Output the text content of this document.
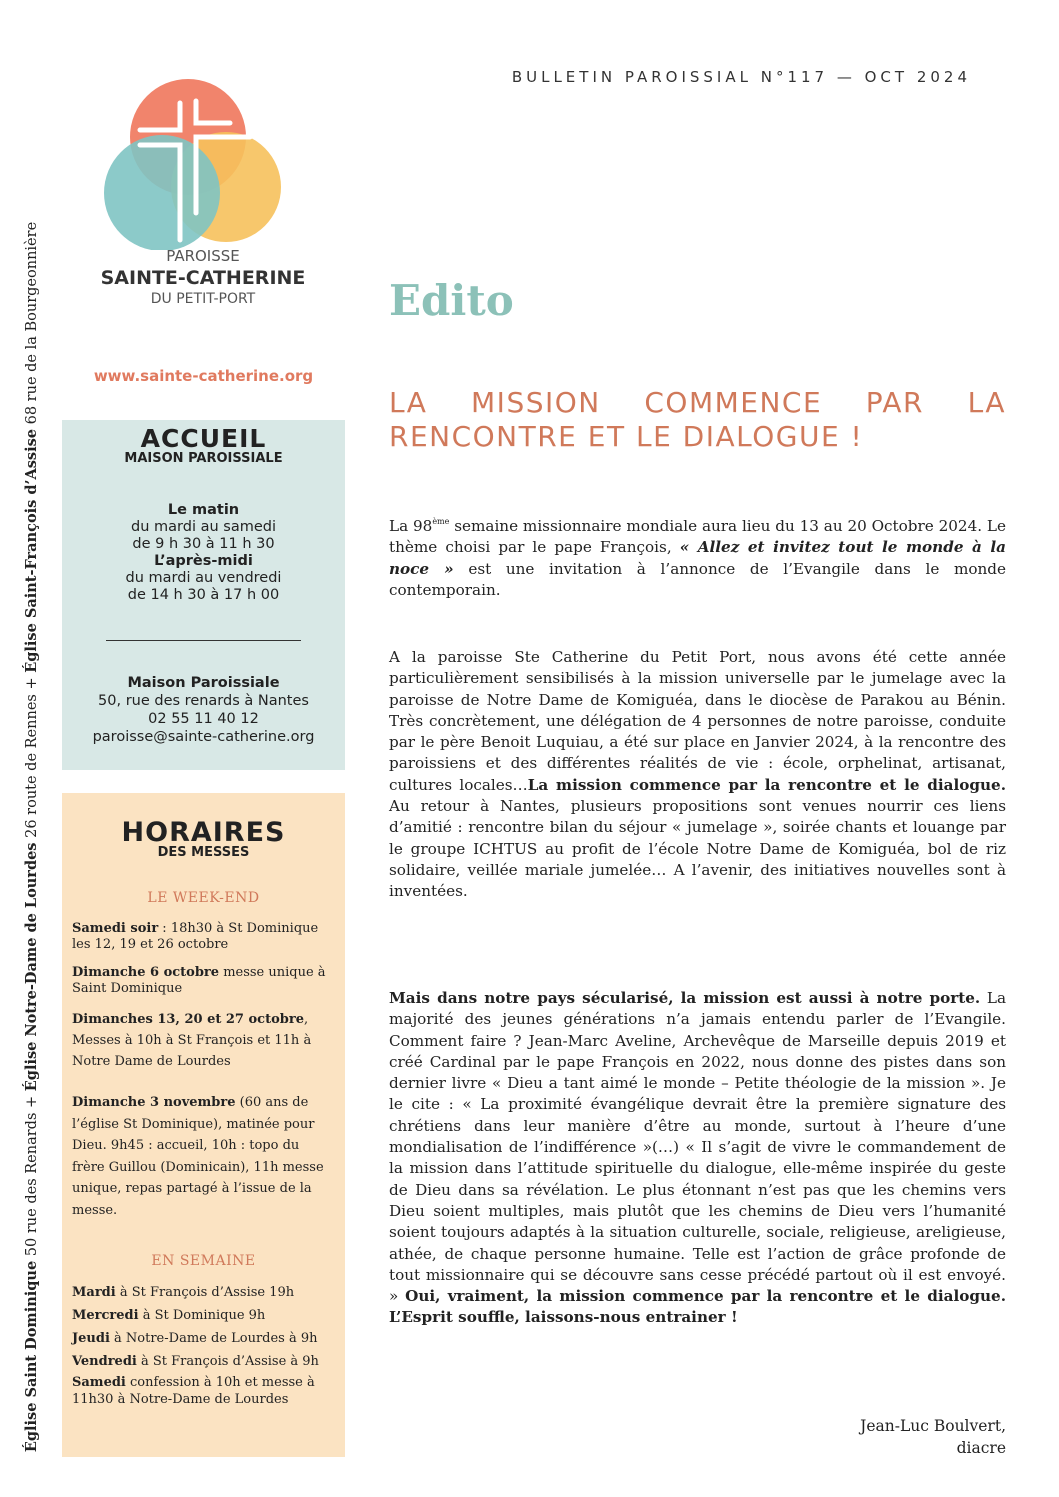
Église Saint Dominique 50 rue des Renards + Église Notre-Dame de Lourdes 26 route de Rennes + Église Saint-François d’Assise 68 rue de la Bourgeonnière
BULLETIN PAROISSIAL N°117 — OCT 2024
PAROISSE
SAINTE-CATHERINE
DU PETIT-PORT
www.sainte-catherine.org
ACCUEIL
MAISON PAROISSIALE
Le matin
du mardi au samedi
de 9 h 30 à 11 h 30
L’après-midi
du mardi au vendredi
de 14 h 30 à 17 h 00
Maison Paroissiale
50, rue des renards à Nantes
02 55 11 40 12
paroisse@sainte-catherine.org
HORAIRES
DES MESSES
LE WEEK-END
Samedi soir : 18h30 à St Dominique les 12, 19 et 26 octobre
Dimanche 6 octobre messe unique à Saint Dominique
Dimanches 13, 20 et 27 octobre, Messes à 10h à St François et 11h à Notre Dame de Lourdes
Dimanche 3 novembre (60 ans de l’église St Dominique), matinée pour Dieu. 9h45 : accueil, 10h : topo du frère Guillou (Dominicain), 11h messe unique, repas partagé à l’issue de la messe.
EN SEMAINE
Mardi à St François d’Assise 19h
Mercredi à St Dominique 9h
Jeudi à Notre-Dame de Lourdes à 9h
Vendredi à St François d’Assise à 9h
Samedi confession à 10h et messe à 11h30 à Notre-Dame de Lourdes
Edito
LA MISSION COMMENCE PAR LA RENCONTRE ET LE DIALOGUE !
La 98ème semaine missionnaire mondiale aura lieu du 13 au 20 Octobre 2024. Le thème choisi par le pape François, « Allez et invitez tout le monde à la noce » est une invitation à l’annonce de l’Evangile dans le monde contemporain.
A la paroisse Ste Catherine du Petit Port, nous avons été cette année particulièrement sensibilisés à la mission universelle par le jumelage avec la paroisse de Notre Dame de Komiguéa, dans le diocèse de Parakou au Bénin. Très concrètement, une délégation de 4 personnes de notre paroisse, conduite par le père Benoit Luquiau, a été sur place en Janvier 2024, à la rencontre des paroissiens et des différentes réalités de vie : école, orphelinat, artisanat, cultures locales…La mission commence par la rencontre et le dialogue. Au retour à Nantes, plusieurs propositions sont venues nourrir ces liens d’amitié : rencontre bilan du séjour « jumelage », soirée chants et louange par le groupe ICHTUS au profit de l’école Notre Dame de Komiguéa, bol de riz solidaire, veillée mariale jumelée… A l’avenir, des initiatives nouvelles sont à inventées.
Mais dans notre pays sécularisé, la mission est aussi à notre porte. La majorité des jeunes générations n’a jamais entendu parler de l’Evangile. Comment faire ? Jean-Marc Aveline, Archevêque de Marseille depuis 2019 et créé Cardinal par le pape François en 2022, nous donne des pistes dans son dernier livre « Dieu a tant aimé le monde – Petite théologie de la mission ». Je le cite : « La proximité évangélique devrait être la première signature des chrétiens dans leur manière d’être au monde, surtout à l’heure d’une mondialisation de l’indifférence »(…) « Il s’agit de vivre le commandement de la mission dans l’attitude spirituelle du dialogue, elle-même inspirée du geste de Dieu dans sa révélation. Le plus étonnant n’est pas que les chemins vers Dieu soient multiples, mais plutôt que les chemins de Dieu vers l’humanité soient toujours adaptés à la situation culturelle, sociale, religieuse, areligieuse, athée, de chaque personne humaine. Telle est l’action de grâce profonde de tout missionnaire qui se découvre sans cesse précédé partout où il est envoyé. » Oui, vraiment, la mission commence par la rencontre et le dialogue. L’Esprit souffle, laissons-nous entrainer !
Jean-Luc Boulvert,
diacre
